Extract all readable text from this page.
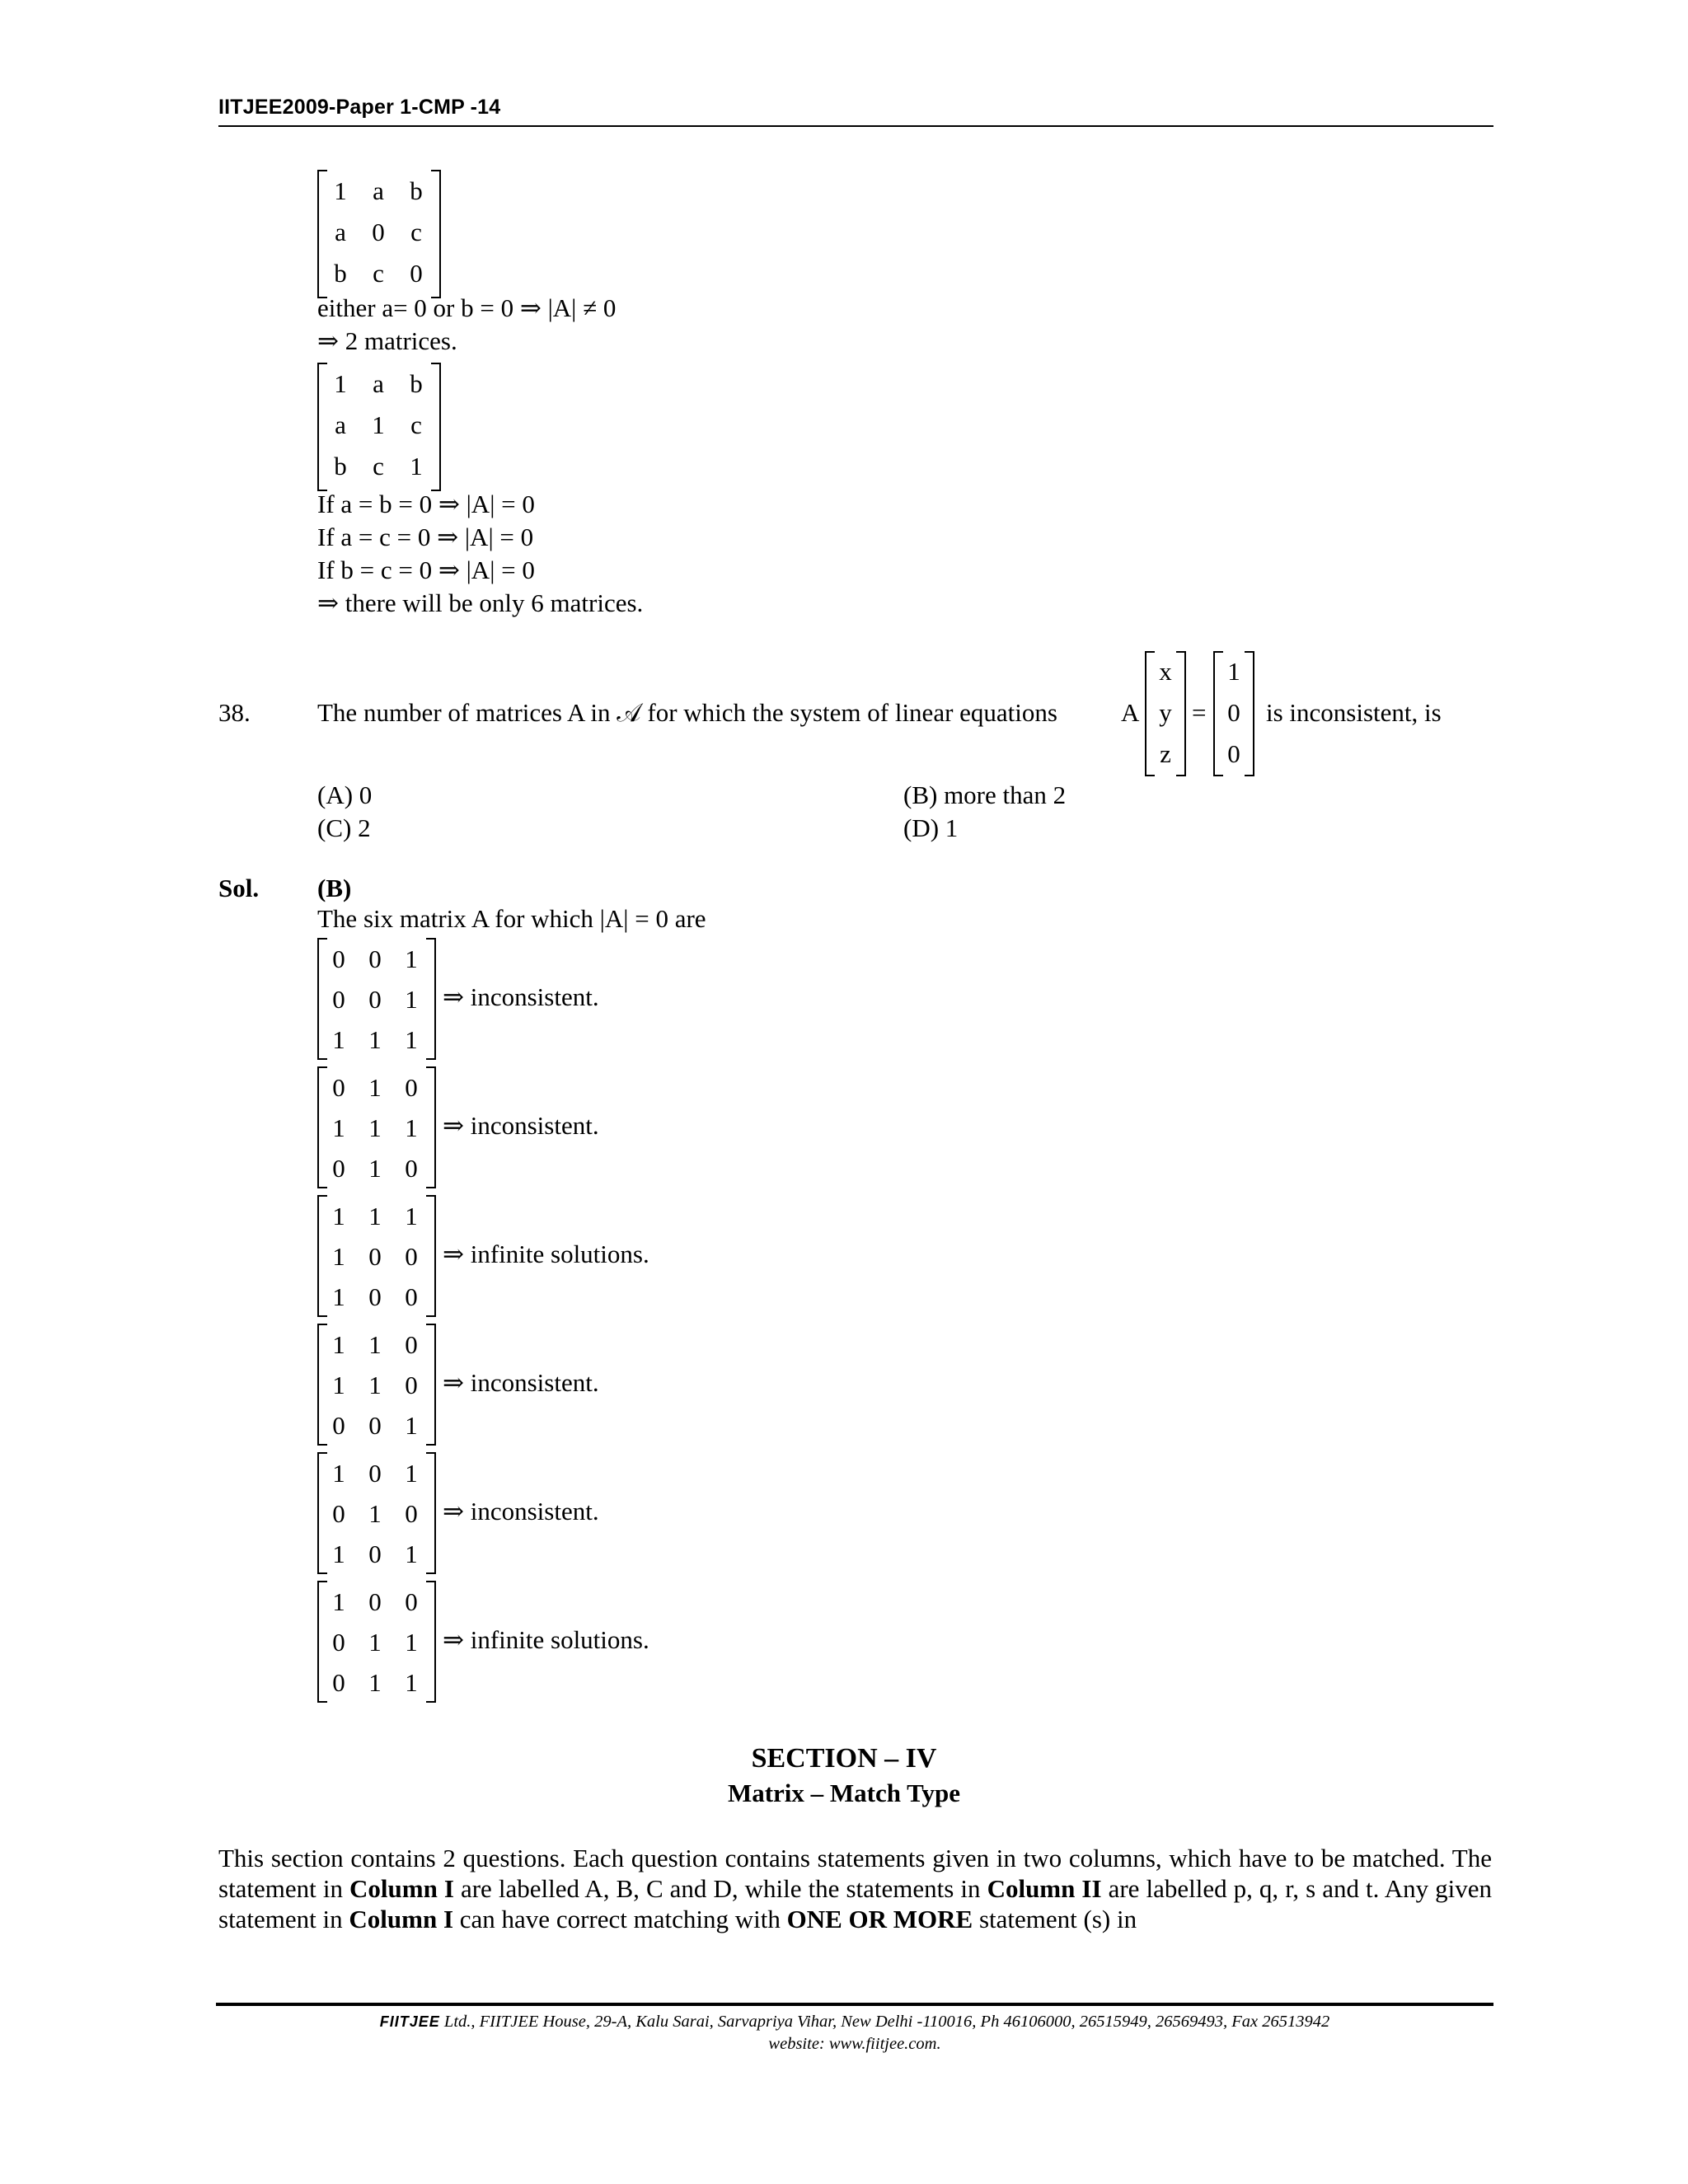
IITJEE2009-Paper 1-CMP -14
1	a	b
a	0	c
b	c	0
either a= 0 or b = 0 ⇒ |A| ≠ 0
⇒ 2 matrices.
1	a	b
a	1	c
b	c	1
If a = b = 0 ⇒ |A| = 0
If a = c = 0 ⇒ |A| = 0
If b = c = 0 ⇒ |A| = 0
⇒ there will be only 6 matrices.
38.	The number of matrices A in 𝒜 for which the system of linear equations A
x
y
z
=
1
0
0
is inconsistent, is
(A) 0	(B) more than 2
(C) 2	(D) 1
Sol. (B)
The six matrix A for which |A| = 0 are
0 0 1
0 0 1
1 1 1
⇒ inconsistent.
0 1 0
1 1 1
0 1 0
⇒ inconsistent.
1 1 1
1 0 0
1 0 0
⇒ infinite solutions.
1 1 0
1 1 0
0 0 1
⇒ inconsistent.
1 0 1
0 1 0
1 0 1
⇒ inconsistent.
1 0 0
0 1 1
0 1 1
⇒ infinite solutions.
SECTION – IV
Matrix – Match Type
This section contains 2 questions. Each question contains statements given in two columns, which have to be matched. The statement in Column I are labelled A, B, C and D, while the statements in Column II are labelled p, q, r, s and t. Any given statement in Column I can have correct matching with ONE OR MORE statement (s) in
FIITJEE Ltd., FIITJEE House, 29-A, Kalu Sarai, Sarvapriya Vihar, New Delhi -110016, Ph 46106000, 26515949, 26569493, Fax 26513942
website: www.fiitjee.com.
